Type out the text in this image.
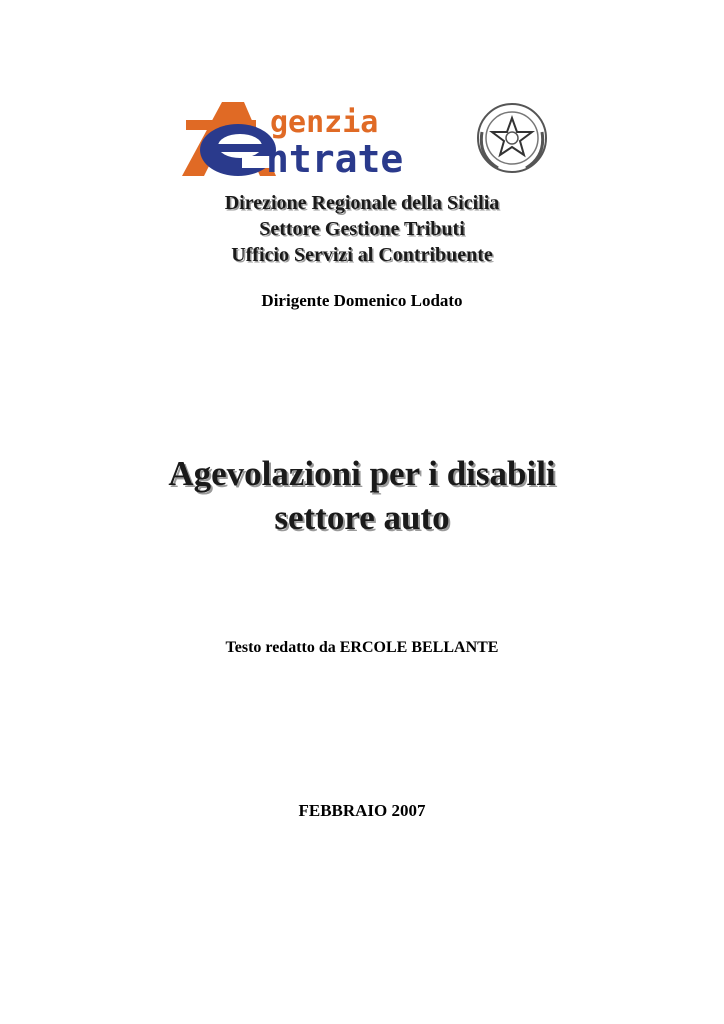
genzia
ntrate
Direzione Regionale della Sicilia
Settore Gestione Tributi
Ufficio Servizi al Contribuente
Dirigente Domenico Lodato
Agevolazioni per i disabili
settore auto
Testo redatto da ERCOLE BELLANTE
FEBBRAIO 2007
